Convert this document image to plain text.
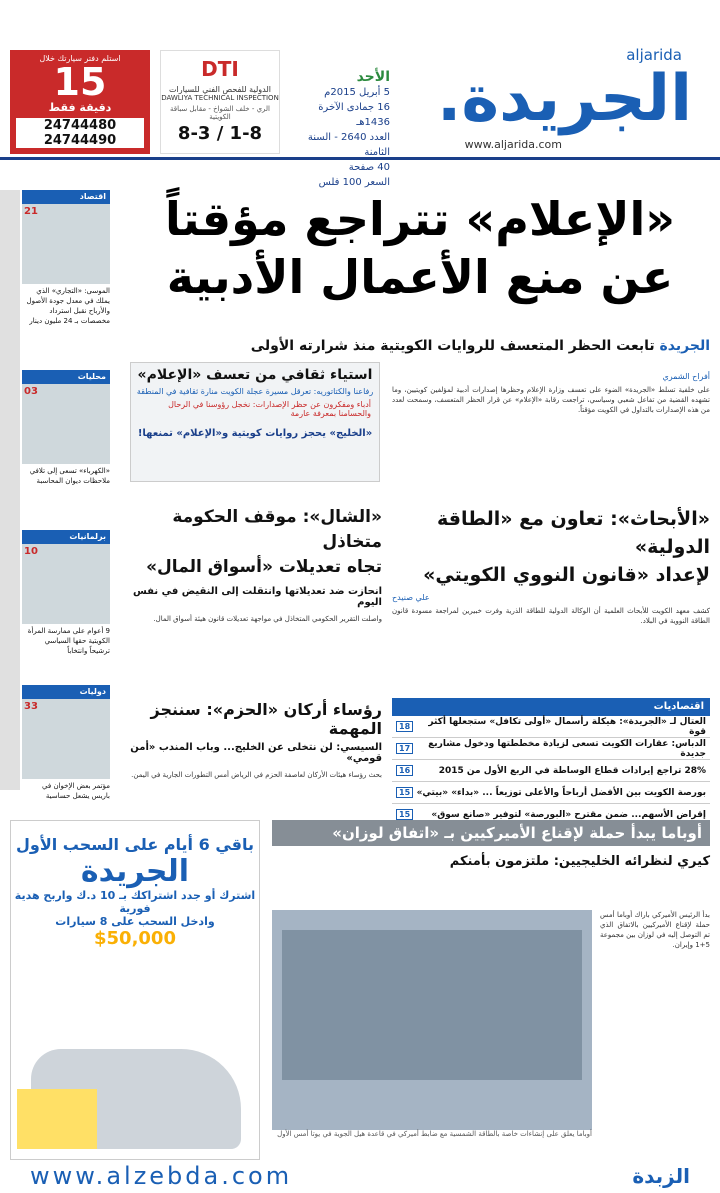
aljarida
الجريدة.
www.aljarida.com
الأحد
5 أبريل 2015م
16 جمادى الآخرة 1436هـ
العدد 2640 - السنة الثامنة
40 صفحة
السعر 100 فلس
DTI
الدولية للفحص الفني للسيارات
DAWLIYA TECHNICAL INSPECTION
الري - خلف الشواخ - مقابل سباقة الكويتية
8-3 / 1-8
استلم دفتر سيارتك خلال
15
دقيقة فقط
24744480
24744490
اقتصاد
21
الموسى: «التجاري» الذي يملك في معدل جودة الأصول والأرباح نقبل استرداد مخصصات بـ 24 مليون دينار
محليات
03
«الكهرباء» تسعى إلى تلافي ملاحظات ديوان المحاسبة
برلمانيات
10
9 أعوام على ممارسة المرأة الكويتية حقها السياسي ترشيحاً وانتخاباً
دوليات
33
مؤتمر بعض الإخوان في باريس يشعل حساسية
«الإعلام» تتراجع مؤقتاً
عن منع الأعمال الأدبية
الجريدة تابعت الحظر المتعسف للروايات الكويتية منذ شرارته الأولى
أفراح الشمري
على خلفية تسلط «الجريدة» الضوء على تعسف وزارة الإعلام وحظرها إصدارات أدبية لمؤلفين كويتيين، وما تشهده القضية من تفاعل شعبي وسياسي، تراجعت رقابة «الإعلام» عن قرار الحظر المتعسف، وسمحت لعدد من هذه الإصدارات بالتداول في الكويت مؤقتاً.
استياء ثقافي من تعسف «الإعلام»
رفاعنا والكتاتوريه: تعرقل مسيرة عجلة الكويت منارة ثقافية في المنطقة
أدباء ومفكرون عن حظر الإصدارات: نخجل رؤوسنا في الرحال والحسامنا بمعرفة عارمة
«الخليج» يحجز روايات كويتية و«الإعلام» تمنعها!
«الأبحاث»: تعاون مع «الطاقة الدولية»
لإعداد «قانون النووي الكويتي»
علي صنيدح
كشف معهد الكويت للأبحاث العلمية أن الوكالة الدولية للطاقة الذرية وفرت خبيرين لمراجعة مسودة قانون الطاقة النووية في البلاد.
«الشال»: موقف الحكومة متخاذل
تجاه تعديلات «أسواق المال»
انحازت ضد تعديلاتها وانتقلت إلى النقيض في نفس اليوم
واصلت التقرير الحكومي المتخاذل في مواجهة تعديلات قانون هيئة أسواق المال.
اقتصاديات
العتال لـ «الجريدة»: هيكلة رأسمال «أولى تكافل» ستجعلها أكثر قوة
18
الدباس: عقارات الكويت تسعى لزيادة مخططتها ودخول مشاريع جديدة
17
28% تراجع إيرادات قطاع الوساطة في الربع الأول من 2015
16
بورصة الكويت بين الأفضل أرباحاً والأعلى توزيعاً ... «بداء» «بيتي»
15
إقراض الأسهم... ضمن مقترح «البورصة» لتوفير «صانع سوق»
15
رؤساء أركان «الحزم»: سننجز المهمة
السيسي: لن نتخلى عن الخليج... وباب المندب «أمن قومي»
بحث رؤساء هيئات الأركان لعاصفة الحزم في الرياض أمس التطورات الجارية في اليمن.
باقي 6 أيام على السحب الأول
الجريدة
اشترك أو جدد اشتراكك بـ 10 د.ك واربح هدية فورية
وادخل السحب على 8 سيارات
$50,000
أوباما يبدأ حملة لإقناع الأميركيين بـ «اتفاق لوزان»
كيري لنظرائه الخليجيين: ملتزمون بأمنكم
أوباما يعلق على إنشاءات خاصة بالطاقة الشمسية مع ضابط أميركي في قاعدة هيل الجوية في يوتا أمس الأول
بدأ الرئيس الأميركي باراك أوباما أمس حملة لإقناع الأميركيين بالاتفاق الذي تم التوصل إليه في لوزان بين مجموعة 5+1 وإيران.
www.alzebda.com	الزبدة
